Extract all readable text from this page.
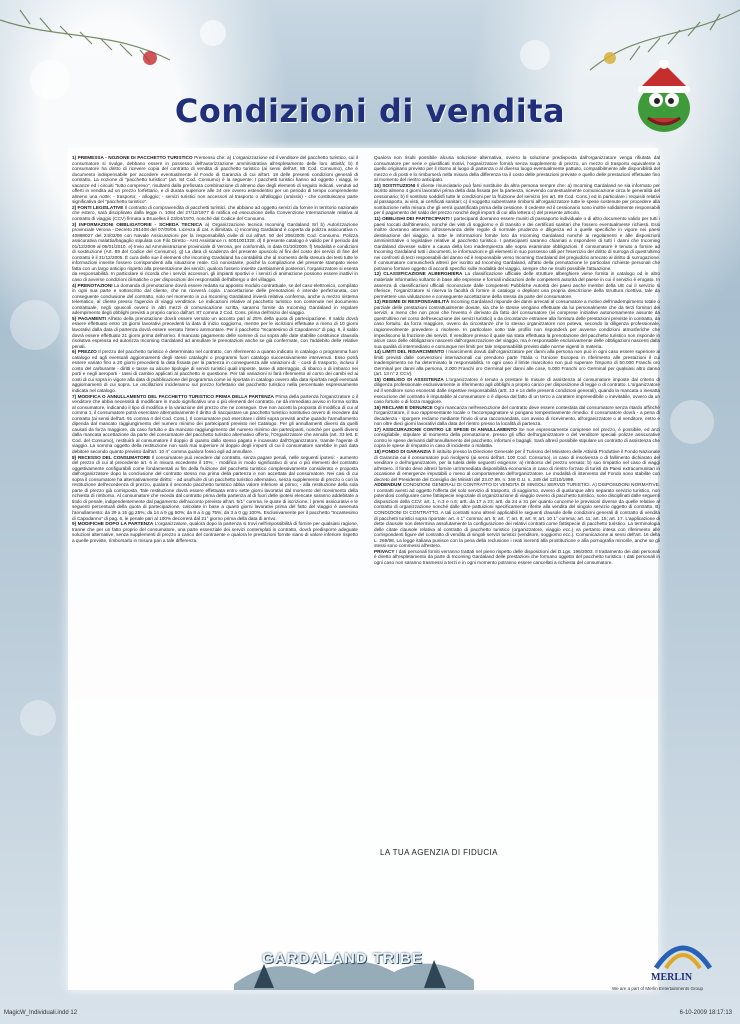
Condizioni di vendita

1) PREMESSA - NOZIONE DI PACCHETTO TURISTICO Premesso che: a) L'organizzazione ed il venditore del pacchetto turistico, cui il consumatore si rivolge, debbano essere in possesso dell'autorizzazione amministrativa all'espletamento delle loro attività; b) Il consumatore ha diritto di ricevere copia del contratto di vendita di pacchetto turistico (ai sensi dell'art. 85 Cod. Consumo), che è documento indispensabile per accedere eventualmente al Fondo di Garanzia di cui all'art. 18 delle presenti condizioni generali di contratto. La nozione di "pacchetto turistico" (art. 84 Cod. Consumo) è la seguente: I pacchetti turistici hanno ad oggetto i viaggi, le vacanze ed i circuiti "tutto compreso", risultanti dalla prefissata combinazione di almeno due degli elementi di seguito indicati, venduti od offerti in vendita ad un prezzo forfettario, e di durata superiore alle 24 ore ovvero estendentisi per un periodo di tempo comprendente almeno una notte: - trasporto; - alloggio; - servizi turistici non accessori al trasporto o all'alloggio (omissis) - che costituiscano parte significativa del "pacchetto turistico".

2) FONTI LEGISLATIVE Il contratto di compravendita di pacchetti turistici, che abbiano ad oggetto servizi da fornire in territorio nazionale che estero, sarà disciplinato dalla legge n. 1084 del 27/12/1977 di ratifica ed esecuzione della Convenzione Internazionale relativa al contratto di viaggio (CCV) firmata a Bruxelles il 23/04/1970, nonché dal Codice del Consumo.

3) INFORMAZIONI OBBLIGATORIE - SCHEDA TECNICA a) Organizzazione tecnica Incoming Gardaland Srl b) Autorizzazione provinciale Verona - Decreto 291408 del 07/09/06. Licenza di cat. A illimitata. c) Incoming Gardaland è coperta da polizza assicurativa n. 40888027 del 24/02/06 con Navale Assicurazioni per la responsabilità civile di cui all'art. 50 del 206/2005 Cod. Consumo. Polizza assicurativa malattia/bagaglio stipulata con Filo Diretto - Arst Assistance n. 6001001328. d) Il presente catalogo è valido per il periodo dal 01/12/2009 al 06/01/2010. e) Invio ad Amministrazione provinciale di Verona, per conformità, in data 01/10/2009. f) Modalità e condizioni di sostituzione (Art. 89 del Codice del Consumo). g) La data di scadenza del presente opuscolo al fini del costo dei servizi di fine del contratto è il 31/12/2005. È cura delle sue il elementi che incoming Gardaland ha contabilità che al momento della stesura dei testi tutte le informazioni inserite fossero corrispondenti alla situazione reale. Ciò nonostante, poiché la compilazione del presente stampato viene fatta con un largo anticipo rispetto alla presentazione dei servizi, qualora fossero inserite cambiamenti posteriori, l'organizzatore si esenta da responsabilità. In particolare si ricorda che i servizi accessori, gli impianti sportivi e i servizi di animazione possono essere inattivi in caso di avverse condizioni climatiche o per disposizioni dei responsabili dell'albergo o del villaggio.

4) PRENOTAZIONI La domanda di prenotazione dovrà essere redatta su apposito modulo contrattuale, se del caso elettronico, compilato in ogni sua parte e sottoscritto dal cliente, che ne riceverà copia. L'accettazione delle prenotazioni è intende perfezionata, con conseguente conclusione del contratto, solo nel momento in cui Incoming Gardaland invierà relativa conferma, anche a mezzo sistema telematico, al cliente presso l'agenzia di viaggi venditrice. Le indicazioni relative al pacchetto turistico non contenute nel documento contrattuale, negli opuscoli ovvero in altri mezzi di comunicazione scritta, saranno fornite da Incoming Gardaland in regolare adempimento degli obblighi previsti a proprio carico dall'art. 87 comma 2 Cod. Cons. prima dell'inizio del viaggio.

5) PAGAMENTI All'atto della prenotazione dovrà essere versato un acconto pari al 25% della quota di partecipazione. Il saldo dovrà essere effettuato entro 15 giorni lavorativi precedenti la data di inizio soggiorno, mentre per le iscrizioni effettuate a meno di 10 giorni lavorativi dalla data di partenza dovrà essere versato l'intero ammontare. Per il pacchetto "Incantesimo di Capodanno" di pag. 6, il saldo dovrà essere effettuato 21 giorni prima dell'arrivo. Il mancato pagamento delle somme di cui sopra alle date stabilite costituisce clausola risolutiva espressa ed autorizza Incoming Gardaland ad annullare le prenotazioni anche se già confermate, con l'addebito delle relative penali.

6) PREZZO Il prezzo del pacchetto turistico è determinato nel contratto, con riferimento a quanto indicato in catalogo o programma fuori catalogo ed agli eventuali aggiornamenti degli stessi cataloghi o programmi fuori catalogo successivamente intervenuti. Esso potrà essere variato fino a 20 giorni precedenti la data fissata per la partenza in conseguenza alle variazioni di: - costi di trasporto, incluso il costo del carburante - diritti e tasse su alcune tipologie di servizi turistici quali imposte, tasse di atterraggio, di sbarco o di imbarco nei porti e negli aeroporti - tassi di cambio applicati al pacchetto in questione. Per tali variazioni si farà riferimento al corso dei cambi ed ai costi di cui sopra in vigore alla data di pubblicazione del programma come ivi riportata in catalogo ovvero alla data riportata negli eventuali aggiornamenti di cui sopra. Le oscillazioni incideranno sul prezzo forfettario del pacchetto turistico nella percentuale espressamente indicata nel catalogo.

7) MODIFICA O ANNULLAMENTO DEL PACCHETTO TURISTICO PRIMA DELLA PARTENZA Prima della partenza l'organizzatore o il venditore che abbia necessità di modificare in modo significativo uno o più elementi del contratto, ne dà immediato avviso in forma scritta al consumatore, indicando il tipo di modifica e la variazione del prezzo che ne consegue. Ove non accetti la proposta di modifica di cui al comma 1, il consumatore potrà esercitare alternativamente il diritto di riacquistare un pacchetto turistico sostitutivo ovvero di recedere dal contratto (ai sensi dell'art. 91 comma 4 del Cod. Cons.). Il consumatore può esercitare i diritti sopra previsti anche quando l'annullamento dipenda dal mancato raggiungimento del numero minimo dei partecipanti previsto nel Catalogo. Per gli annullamenti diversi da quelli causati da forza maggiore, da caso fortuito e da mancato raggiungimento del numero minimo dei partecipanti, nonché per quelli diversi dalla mancata accettazione da parte del consumatore del pacchetto turistico alternativo offerto, l'Organizzatore che annulla (art. 33 lett. E Cod. del Consumo), restituirà al consumatore il doppio di quanto dallo stesso pagato e incassato dall'Organizzatore, tramite l'agente di viaggio. La somma oggetto della restituzione non sarà mai superiore al doppio degli importi di cui il consumatore sarebbe in pari data debitore secondo quanto previsto dall'art. 10 4° comma qualora fosso egli ad annullare.

8) RECESSO DEL CONSUMATORE Il consumatore può recedere dal contratto, senza pagare penali, nelle seguenti ipotesi: - aumento del prezzo di cui al precedente art. 6 in misura eccedente il 10%; - modifica in modo significativo di uno o più elementi del contratto oggettivamente configurabili come fondamentali ai fini della fruizione del pacchetto turistico complessivamente considerato e proposta dall'organizzatore dopo la conclusione del contratto stesso ma prima della partenza e non accettata dal consumatore. Nei casi di cui sopra il consumatore ha alternativamente diritto: - ad usufruire di un pacchetto turistico alternativo, senza supplemento di prezzo o con la restituzione dell'eccedenza di prezzo, qualora il secondo pacchetto turistico abbia valore inferiore al primo; - alla restituzione della sola parte di prezzo già corrisposta. Tale restituzione dovrà essere effettuata entro sette giorni lavorativi dal momento del ricevimento della richiesta di rimborso. Al consumatore che receda dal contratto prima della partenza al di fuori delle ipotesi elencate saranno addebitate a titolo di penale, indipendentemente dal pagamento dell'acconto previsto all'art. 5/1° comma, le quote di iscrizione, ì premi assicurativi e le seguenti percentuali della quota di partecipazione, calcolate in base a quanti giorni lavorativi prima del fatto del viaggio è avvenuta l'annullamento: da 29 a 15 gg 25%; da 14 a 9 gg 50%; da 8 a 4 gg 75%; da 3 a 0 gg 100%. Esclusivamente per il pacchetto "Incantesimo di Capodanno" di pag. 6, le penale pari al 100% decorrerà dal 21° giorno prima della data di arrivo.

9) MODIFICHE DOPO LA PARTENZA L'organizzatore, qualora dopo la partenza si trovi nell'impossibilità di fornire per qualsiasi ragione, tranne che per un fatto proprio del consumatore, una parte essenziale dei servizi contemplati in contratto, dovrà predisporre adeguate soluzioni alternative, senza supplementi di prezzo a carico del contraente e qualora le prestazioni fornite siano di valore inferiore rispetto a quelle previste, rimborsarlo in misura pari a tale differenza.

Qualora non risulti possibile alcuna soluzione alternativa, ovvero la soluzione predisposta dall'organizzatore venga rifiutata dal consumatore per serie e giustificati motivi, l'organizzatore fornirà senza supplemento di prezzo, un mezzo di trasporto equivalente a quello originario previsto per il ritorno al luogo di partenza o al diverso luogo eventualmente pattuito, compatibilmente alle disponibilità del mezzo e di posti e lo rimborserà nella misura della differenza tra il costo delle prestazioni previste e quello delle prestazioni effettuate fino al momento del rientro anticipato.

10) SOSTITUZIONI Il cliente rinunciatario può farsi sostituire da altra persona sempre che: a) Incoming Gardaland ne sia informato per iscritto almeno 4 giorni lavorativi prima della data fissata per la partenza, ricevendo contestualmente comunicazione circa le generalità del cessionario; b) Il sostituto soddisfi tutte le condizioni per la fruizione del servizio (ex art. 89 Cod. Cons.) ed in particolare i requisiti relativi al passaporto, ai visti, ai certificati sanitari; c) il soggetto subentrante rimborsi all'organizzatore tutte le spese sostenute per procedere alla sostituzione nella misura che gli verrà quantificata prima della cessione. Il cedente ed il cessionario sono inoltre solidalmente responsabili per il pagamento del saldo del prezzo nonché degli importi di cui alla lettera c) del presente articolo.

11) OBBLIGHI DEI PARTECIPANTI I partecipanti dovranno essere muniti di passaporto individuale o di altro documento valido per tutti i paesi toccati dall'itinerario, nonché dei visti di soggiorno e di transito e dei certificati sanitari che fossero eventualmente richiesti. Essi inoltre dovranno attenersi all'osservanza delle regole di normale prudenza e diligenza ed a quelle specifiche in vigore nei paesi destinazione del viaggio, a tutte le informazioni fornite loro da Incoming Gardaland nonché ai regolamenti e alle disposizioni amministrative o legislative relative al pacchetto turistico. I partecipanti saranno chiamati a rispondere di tutti i danni che Incoming Gardaland dovesse subire a causa della loro inadempienza alle sopra esaminate obbligazioni. Il consumatore è tenuto a fornire ad Incoming Gardaland tutti i documenti, le informazioni e gli elementi in suo possesso utili per l'esercizio del diritto di surroga di quest'ultimo nei confronti di terzi responsabili del danno ed è responsabile verso Incoming Gardaland del pregiudizio arrecato al diritto di surrogazione. Il consumatore comunicherà altresì per iscritto ad Incoming Gardaland, all'atto della prenotazione le particolari richieste personali che potranno formare oggetto di accordi specifici sulle modalità del viaggio, sempre che ne risulti possibile l'attuazione.

12) CLASSIFICAZIONE ALBERGHIERA La classificazione ufficiale delle strutture alberghiere viene fornita in catalogo od in altro materiale informativo soltanto in base alle espresse e formali indicazioni delle competenti autorità del paese in cui il servizio è erogato. In assenza di classificazioni ufficiali riconosciute dalle competenti Pubbliche Autorità dei paesi anche membri della UE cui il servizio si riferisce, l'organizzatore si riserva la facoltà di fornire in catalogo o depliant una propria descrizione della struttura ricettiva, tale da permettere una valutazione e conseguente accettazione della stessa da parte del consumatore.

13) REGIME DI RESPONSABILITÀ Incoming Gardaland risponde dei danni arrecati al consumatore a motivo dell'inadempimento totale o parziale delle prestazioni contrattualmente dovute, sia che le stesse vengano effettuate da lui personalmente che da terzi fornitori dei servizi, a meno che non provi che l'evento è derivato da fatto del consumatore (ivi comprese iniziative autonomamente assunte da quest'ultimo nel corso dell'esecuzione dei servizi turistici) o da circostanze estranee alla fornitura delle prestazioni previste in contratto, da caso fortuito, da forza maggiore, ovvero da circostanze che lo stesso organizzatore non poteva, secondo la diligenza professionale, ragionevolmente prevedere o risolvere. In particolare sotto tale profilo non risponderà per avverse condizioni atmosferiche che impediscono la fruizione dei servizi. Il venditore presso il quale sia stata effettuata la prenotazione del pacchetto turistico non risponde in alcun caso delle obbligazioni nascenti dall'organizzazione del viaggio, ma è responsabile esclusivamente delle obbligazioni nascenti dalla sua qualità di intermediario e comunque nei limiti per tale responsabilità previsti dalle norme vigenti in materia.

14) LIMITI DEL RISARCIMENTO I risarcimenti dovuti dall'organizzatore per danni alla persona non può in ogni caso essere superiore ai limiti previsti dalle convenzioni internazionali cui prendono parte l'Italia o l'Unione Europea in riferimento alle prestazioni il cui inadempimento ne ha determinato la responsabilità. In ogni caso il limite risarcitorio non può superare l'importo di 50.000 Franchi oro Germinal per danni alla persona, 2.000 Franchi oro Germinal per danni alle cose, 5.000 Franchi oro Germinal per qualsiasi altro danno (art. 13 n° 2 CCV).

15) OBBLIGO DI ASSISTENZA L'organizzatore è tenuto a prestare le misure di assistenza al consumatore imposte dal criterio di diligenza professionale esclusivamente in riferimento agli obblighi a proprio carico per disposizione di legge o di contratto. L'organizzatore ed il venditore sono esonerati dalle rispettive responsabilità (artt. 13 e 14 delle presenti condizioni generali), quando la mancata o inesatta esecuzione del contratto è imputabile al consumatore o è dipesa dal fatto di un terzo a carattere imprevedibile o inevitabile, ovvero da un caso fortuito o di forza maggiore.

16) RECLAMI E DENUNCE Ogni mancanza nell'esecuzione del contratto deve essere contestata dal consumatore senza ritardo affinché l'organizzatore, il suo rappresentante locale o l'accompagnatore vi pongano tempestivamente rimedio. Il consumatore dovrà - a pena di decadenza - sporgere reclamo mediante l'invio di una raccomandata, con avviso di ricevimento, all'organizzatore o al venditore, entro e non oltre dieci giorni lavorativi dalla data del rientro presso la località di partenza.

17) ASSICURAZIONE CONTRO LE SPESE DI ANNULLAMENTO Se non espressamente comprese nel prezzo, è possibile, ed anzi consigliabile, stipulare al momento della prenotazione, presso gli uffici dell'organizzatore o del venditore speciali polizze assicurative contro le spese derivanti dall'annullamento del pacchetto, infortuni e bagagli. Sarà altresì possibile stipulare un contratto di assistenza che copra le spese di rimpatrio in caso di incidente o malattia.

18) FONDO DI GARANZIA È istituito presso la Direzione Generale per il Turismo del Ministero delle Attività Produttive il Fondo Nazionale di Garanzia cui il consumatore può rivolgersi (ai sensi dell'art. 100 Cod. Consumo), in caso di insolvenza o di fallimento dichiarato del venditore o dell'organizzatore, per la tutela delle seguenti esigenze: a) rimborso del prezzo versato; b) suo rimpatrio nel caso di viaggi all'estero. Il fondo deve altresì fornire un'immediata disponibilità economica in caso di rientro forzato di turisti da Paesi extracomunitari in occasione di emergenze imputabili o meno al comportamento dell'organizzatore. Le modalità di intervento del Fondo sono stabilite con decreto del Presidente del Consiglio dei Ministri del 23.07.99, n. 349 G.U. n. 249 del 12/10/1999.

ADDENDUM CONDIZIONI GENERALI DI CONTRATTO DI VENDITA DI SINGOLI SERVIZI TURISTICI. A) DISPOSIZIONI NORMATIVE. I contratti aventi ad oggetto l'offerta del solo servizio di trasporto, di soggiorno, ovvero di qualunque altro separato servizio turistico, non potendosi configurare come fattispecie negoziale di organizzazione di viaggio ovvero di pacchetto turistico, sono disciplinati dalle seguenti disposizioni della CCV: art. 1, n.3 e n.6; artt. da 17 a 23; artt. da 24 a 31 per quanto concerne le previsioni diverse da quelle relative al contratto di organizzazione nonché dalle altre pattuizioni specificamente riferite alla vendita del singolo servizio oggetto di contratto. B) CONDIZIONI DI CONTRATTO. A tali contratti sono altresì applicabili le seguenti clausole delle condizioni generali di contratto di vendita di pacchetti turistici sopra riportate: art. 4 1° comma; art. 5; art. 7; art. 8; art. 9; art. 10 1° comma; art. 11; art. 15; art. 17. L'applicazione di dette clausole non determina assolutamente la configurazione dei relativi contratti come fattispecie di pacchetto turistico. La terminologia delle citate clausole relativa al contratto di pacchetto turistico (organizzatore, viaggio ecc.) va pertanto intesa con riferimento alle corrispondenti figure del contratto di vendita di singoli servizi turistici (venditore, soggiorno ecc.). Comunicazione ai sensi dell'art. 16 della L. 269/98. La legge italiana punisce con la pena della reclusione i reati inerenti alla prostituzione e alla pornografia minorile, anche se gli stessi sono commessi all'estero.

PRIVACY I dati personali forniti verranno trattati nel pieno rispetto delle disposizioni del D.Lgs. 196/2003. Il trattamento dei dati personali è diretto all'espletamento da parte di Incoming Gardaland delle prestazioni che formano oggetto del pacchetto turistico. I dati personali in ogni caso non saranno trasmessi a terzi e in ogni momento potranno essere cancellati a richiesta del consumatore.

LA TUA AGENZIA DI FIDUCIA
GARDALAND TRIBE
MERLIN
We are a part of Merlin Entertainments Group
MagicW_Individuali.indd 12	6-10-2009 18:17:13
